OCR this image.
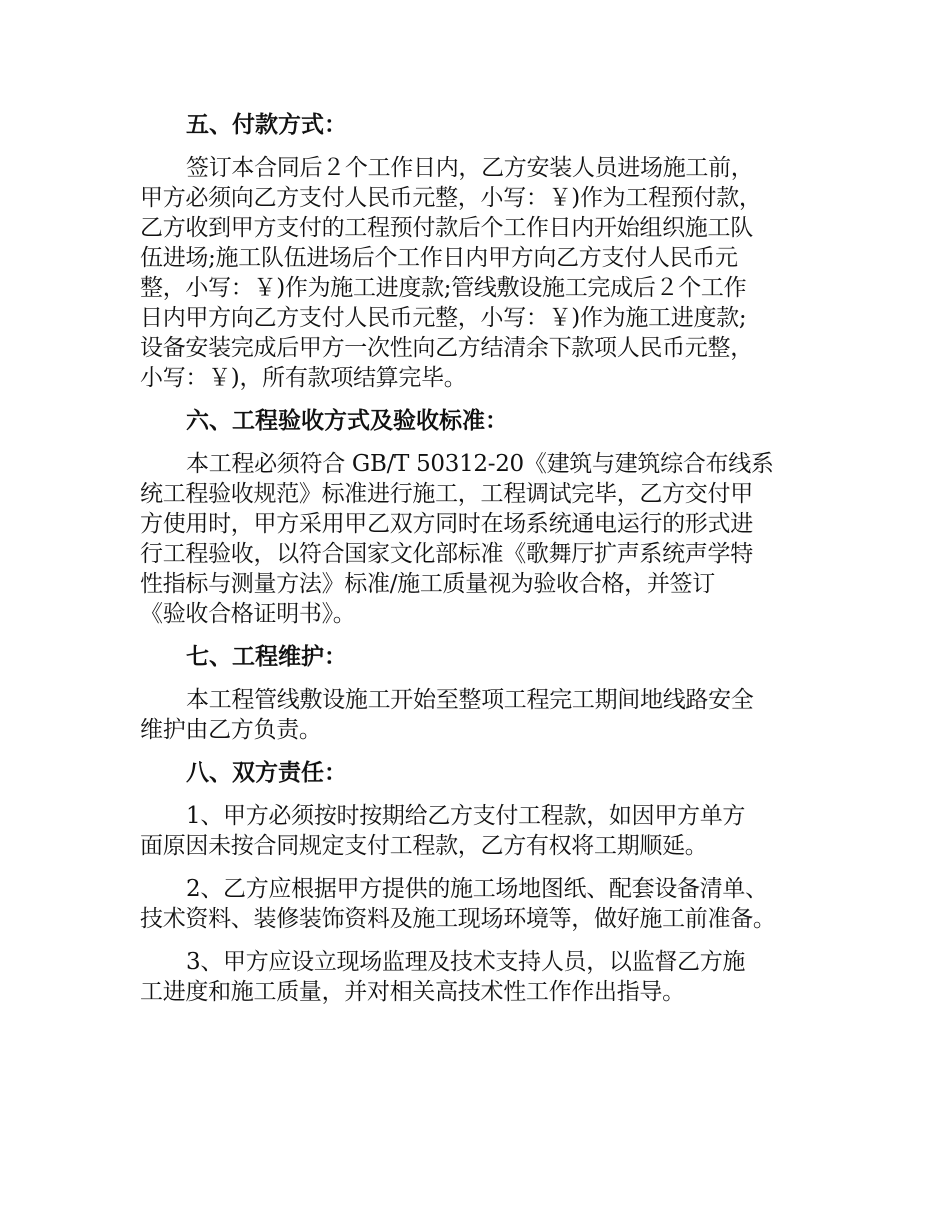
五、付款方式：
签订本合同后２个工作日内，乙方安装人员进场施工前，
甲方必须向乙方支付人民币元整，小写：￥)作为工程预付款，
乙方收到甲方支付的工程预付款后个工作日内开始组织施工队
伍进场;施工队伍进场后个工作日内甲方向乙方支付人民币元
整，小写：￥)作为施工进度款;管线敷设施工完成后２个工作
日内甲方向乙方支付人民币元整，小写：￥)作为施工进度款;
设备安装完成后甲方一次性向乙方结清余下款项人民币元整，
小写：￥)，所有款项结算完毕。
六、工程验收方式及验收标准：
本工程必须符合 GB/T 50312-20《建筑与建筑综合布线系
统工程验收规范》标准进行施工，工程调试完毕，乙方交付甲
方使用时，甲方采用甲乙双方同时在场系统通电运行的形式进
行工程验收，以符合国家文化部标准《歌舞厅扩声系统声学特
性指标与测量方法》标准/施工质量视为验收合格，并签订
《验收合格证明书》。
七、工程维护：
本工程管线敷设施工开始至整项工程完工期间地线路安全
维护由乙方负责。
八、双方责任：
1、甲方必须按时按期给乙方支付工程款，如因甲方单方
面原因未按合同规定支付工程款，乙方有权将工期顺延。
2、乙方应根据甲方提供的施工场地图纸、配套设备清单、
技术资料、装修装饰资料及施工现场环境等，做好施工前准备。
3、甲方应设立现场监理及技术支持人员，以监督乙方施
工进度和施工质量，并对相关高技术性工作作出指导。
